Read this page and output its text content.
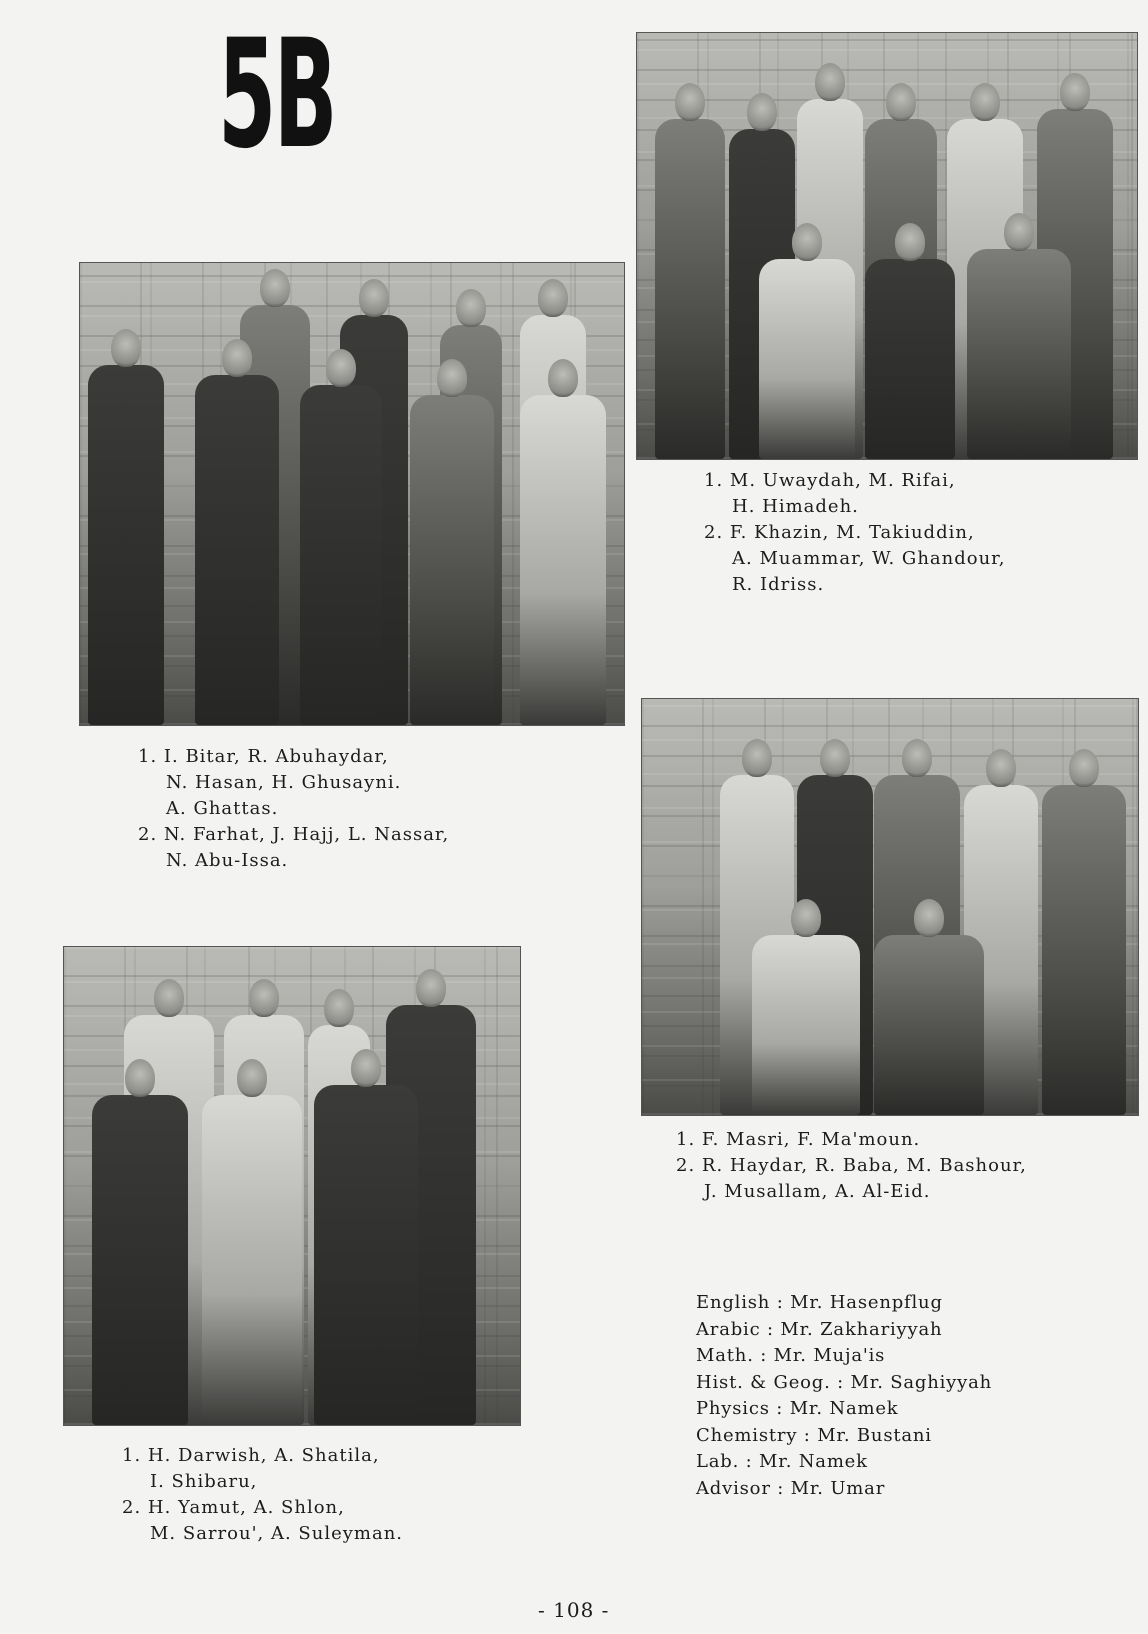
5B
1. I. Bitar, R. Abuhaydar,
N. Hasan, H. Ghusayni.
A. Ghattas.
2. N. Farhat, J. Hajj, L. Nassar,
N. Abu-Issa.
1. M. Uwaydah, M. Rifai,
H. Himadeh.
2. F. Khazin, M. Takiuddin,
A. Muammar, W. Ghandour,
R. Idriss.
1. F. Masri, F. Ma'moun.
2. R. Haydar, R. Baba, M. Bashour,
J. Musallam, A. Al-Eid.
1. H. Darwish, A. Shatila,
I. Shibaru,
2. H. Yamut, A. Shlon,
M. Sarrou', A. Suleyman.
English : Mr. Hasenpflug
Arabic : Mr. Zakhariyyah
Math. : Mr. Muja'is
Hist. & Geog. : Mr. Saghiyyah
Physics : Mr. Namek
Chemistry : Mr. Bustani
Lab. : Mr. Namek
Advisor : Mr. Umar
- 108 -
